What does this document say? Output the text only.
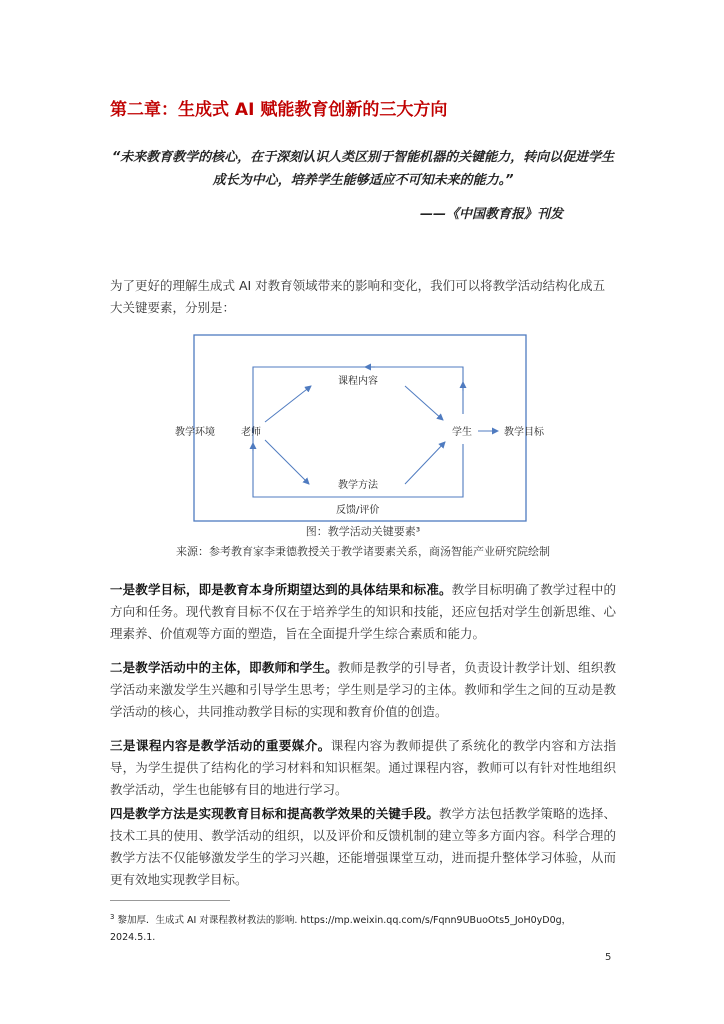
第二章：生成式 AI 赋能教育创新的三大方向
“未来教育教学的核心，在于深刻认识人类区别于智能机器的关键能力，转向以促进学生成长为中心，培养学生能够适应不可知未来的能力。”
——《中国教育报》刊发
为了更好的理解生成式 AI 对教育领域带来的影响和变化，我们可以将教学活动结构化成五大关键要素，分别是：
教学环境	老师
课程内容
教学方法
反馈/评价
学生	教学目标
图：教学活动关键要素³
来源：参考教育家李秉德教授关于教学诸要素关系，商汤智能产业研究院绘制
一是教学目标，即是教育本身所期望达到的具体结果和标准。教学目标明确了教学过程中的方向和任务。现代教育目标不仅在于培养学生的知识和技能，还应包括对学生创新思维、心理素养、价值观等方面的塑造，旨在全面提升学生综合素质和能力。
二是教学活动中的主体，即教师和学生。教师是教学的引导者，负责设计教学计划、组织教学活动来激发学生兴趣和引导学生思考；学生则是学习的主体。教师和学生之间的互动是教学活动的核心，共同推动教学目标的实现和教育价值的创造。
三是课程内容是教学活动的重要媒介。课程内容为教师提供了系统化的教学内容和方法指导，为学生提供了结构化的学习材料和知识框架。通过课程内容，教师可以有针对性地组织教学活动，学生也能够有目的地进行学习。
四是教学方法是实现教育目标和提高教学效果的关键手段。教学方法包括教学策略的选择、技术工具的使用、教学活动的组织，以及评价和反馈机制的建立等多方面内容。科学合理的教学方法不仅能够激发学生的学习兴趣，还能增强课堂互动，进而提升整体学习体验，从而更有效地实现教学目标。
$^3$ 黎加厚．生成式 AI 对课程教材教法的影响. https://mp.weixin.qq.com/s/Fqnn9UBuoOts5_JoH0yD0g，2024.5.1.
5
